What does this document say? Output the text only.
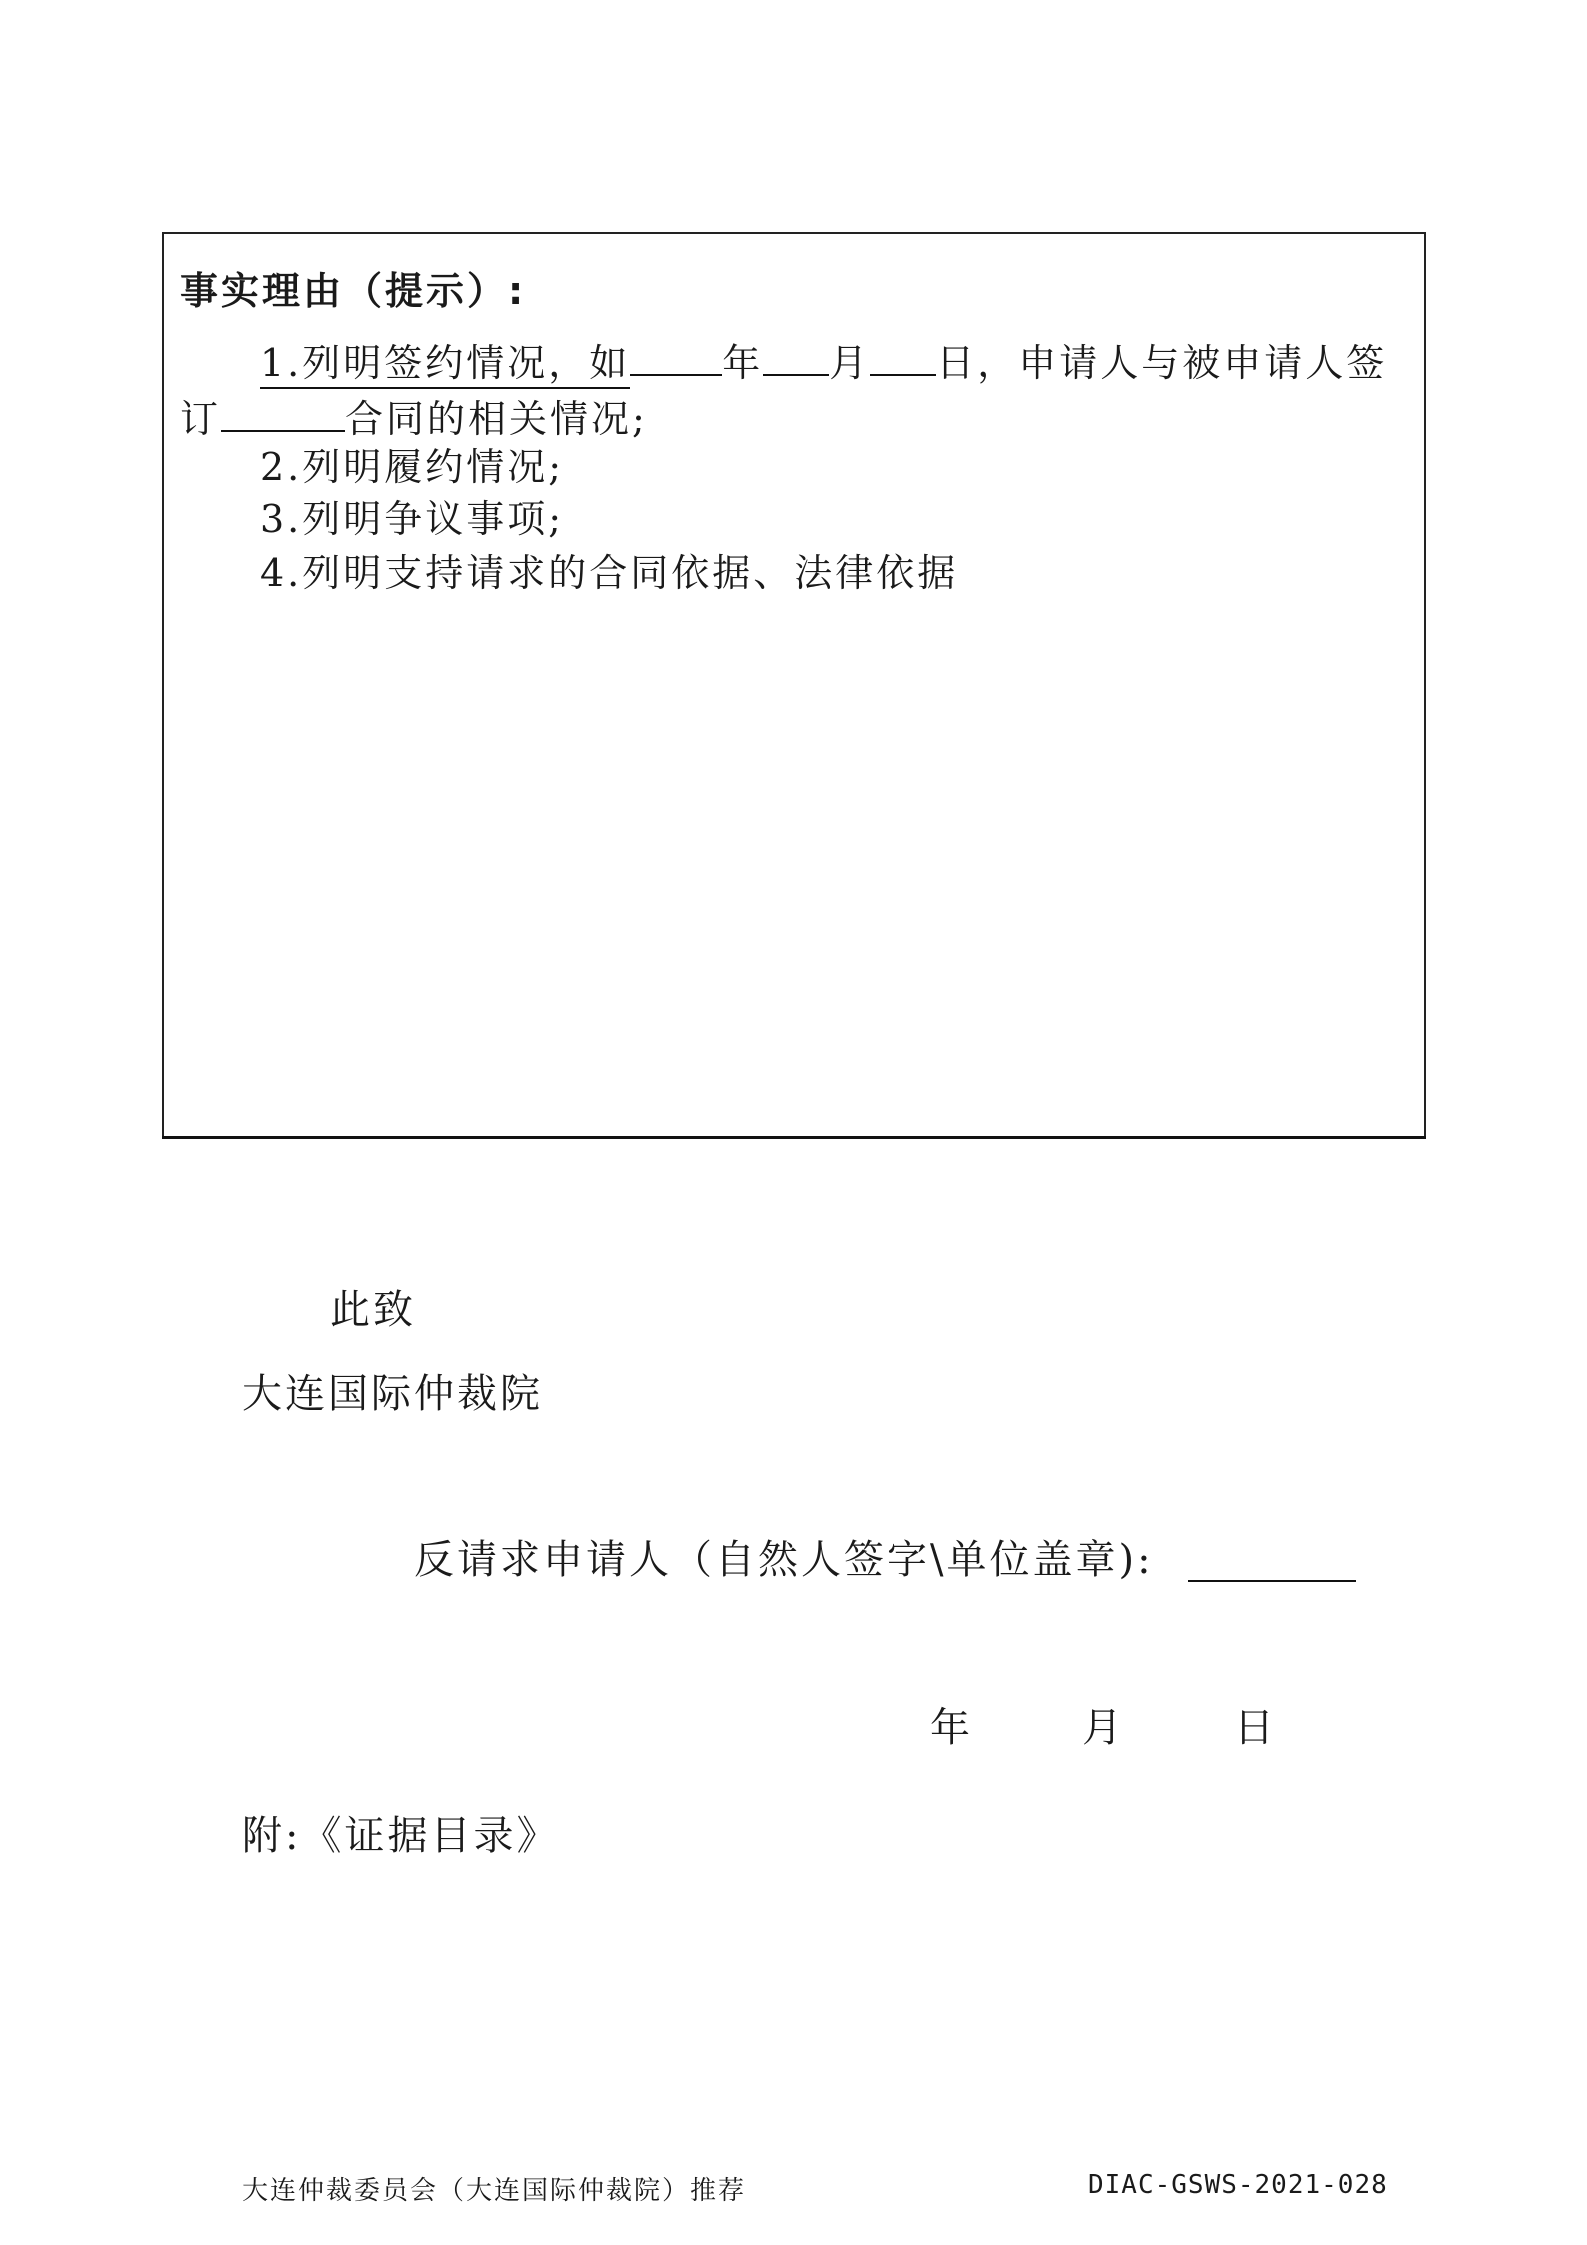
事实理由（提示）:
1.列明签约情况，如 年 月 日，申请人与被申请人签
订	合同的相关情况;
2.列明履约情况;
3.列明争议事项;
4.列明支持请求的合同依据、法律依据
此致
大连国际仲裁院
反请求申请人（自然人签字\单位盖章):
年	月	日
附:《证据目录》
大连仲裁委员会（大连国际仲裁院）推荐	DIAC-GSWS-2021-028
